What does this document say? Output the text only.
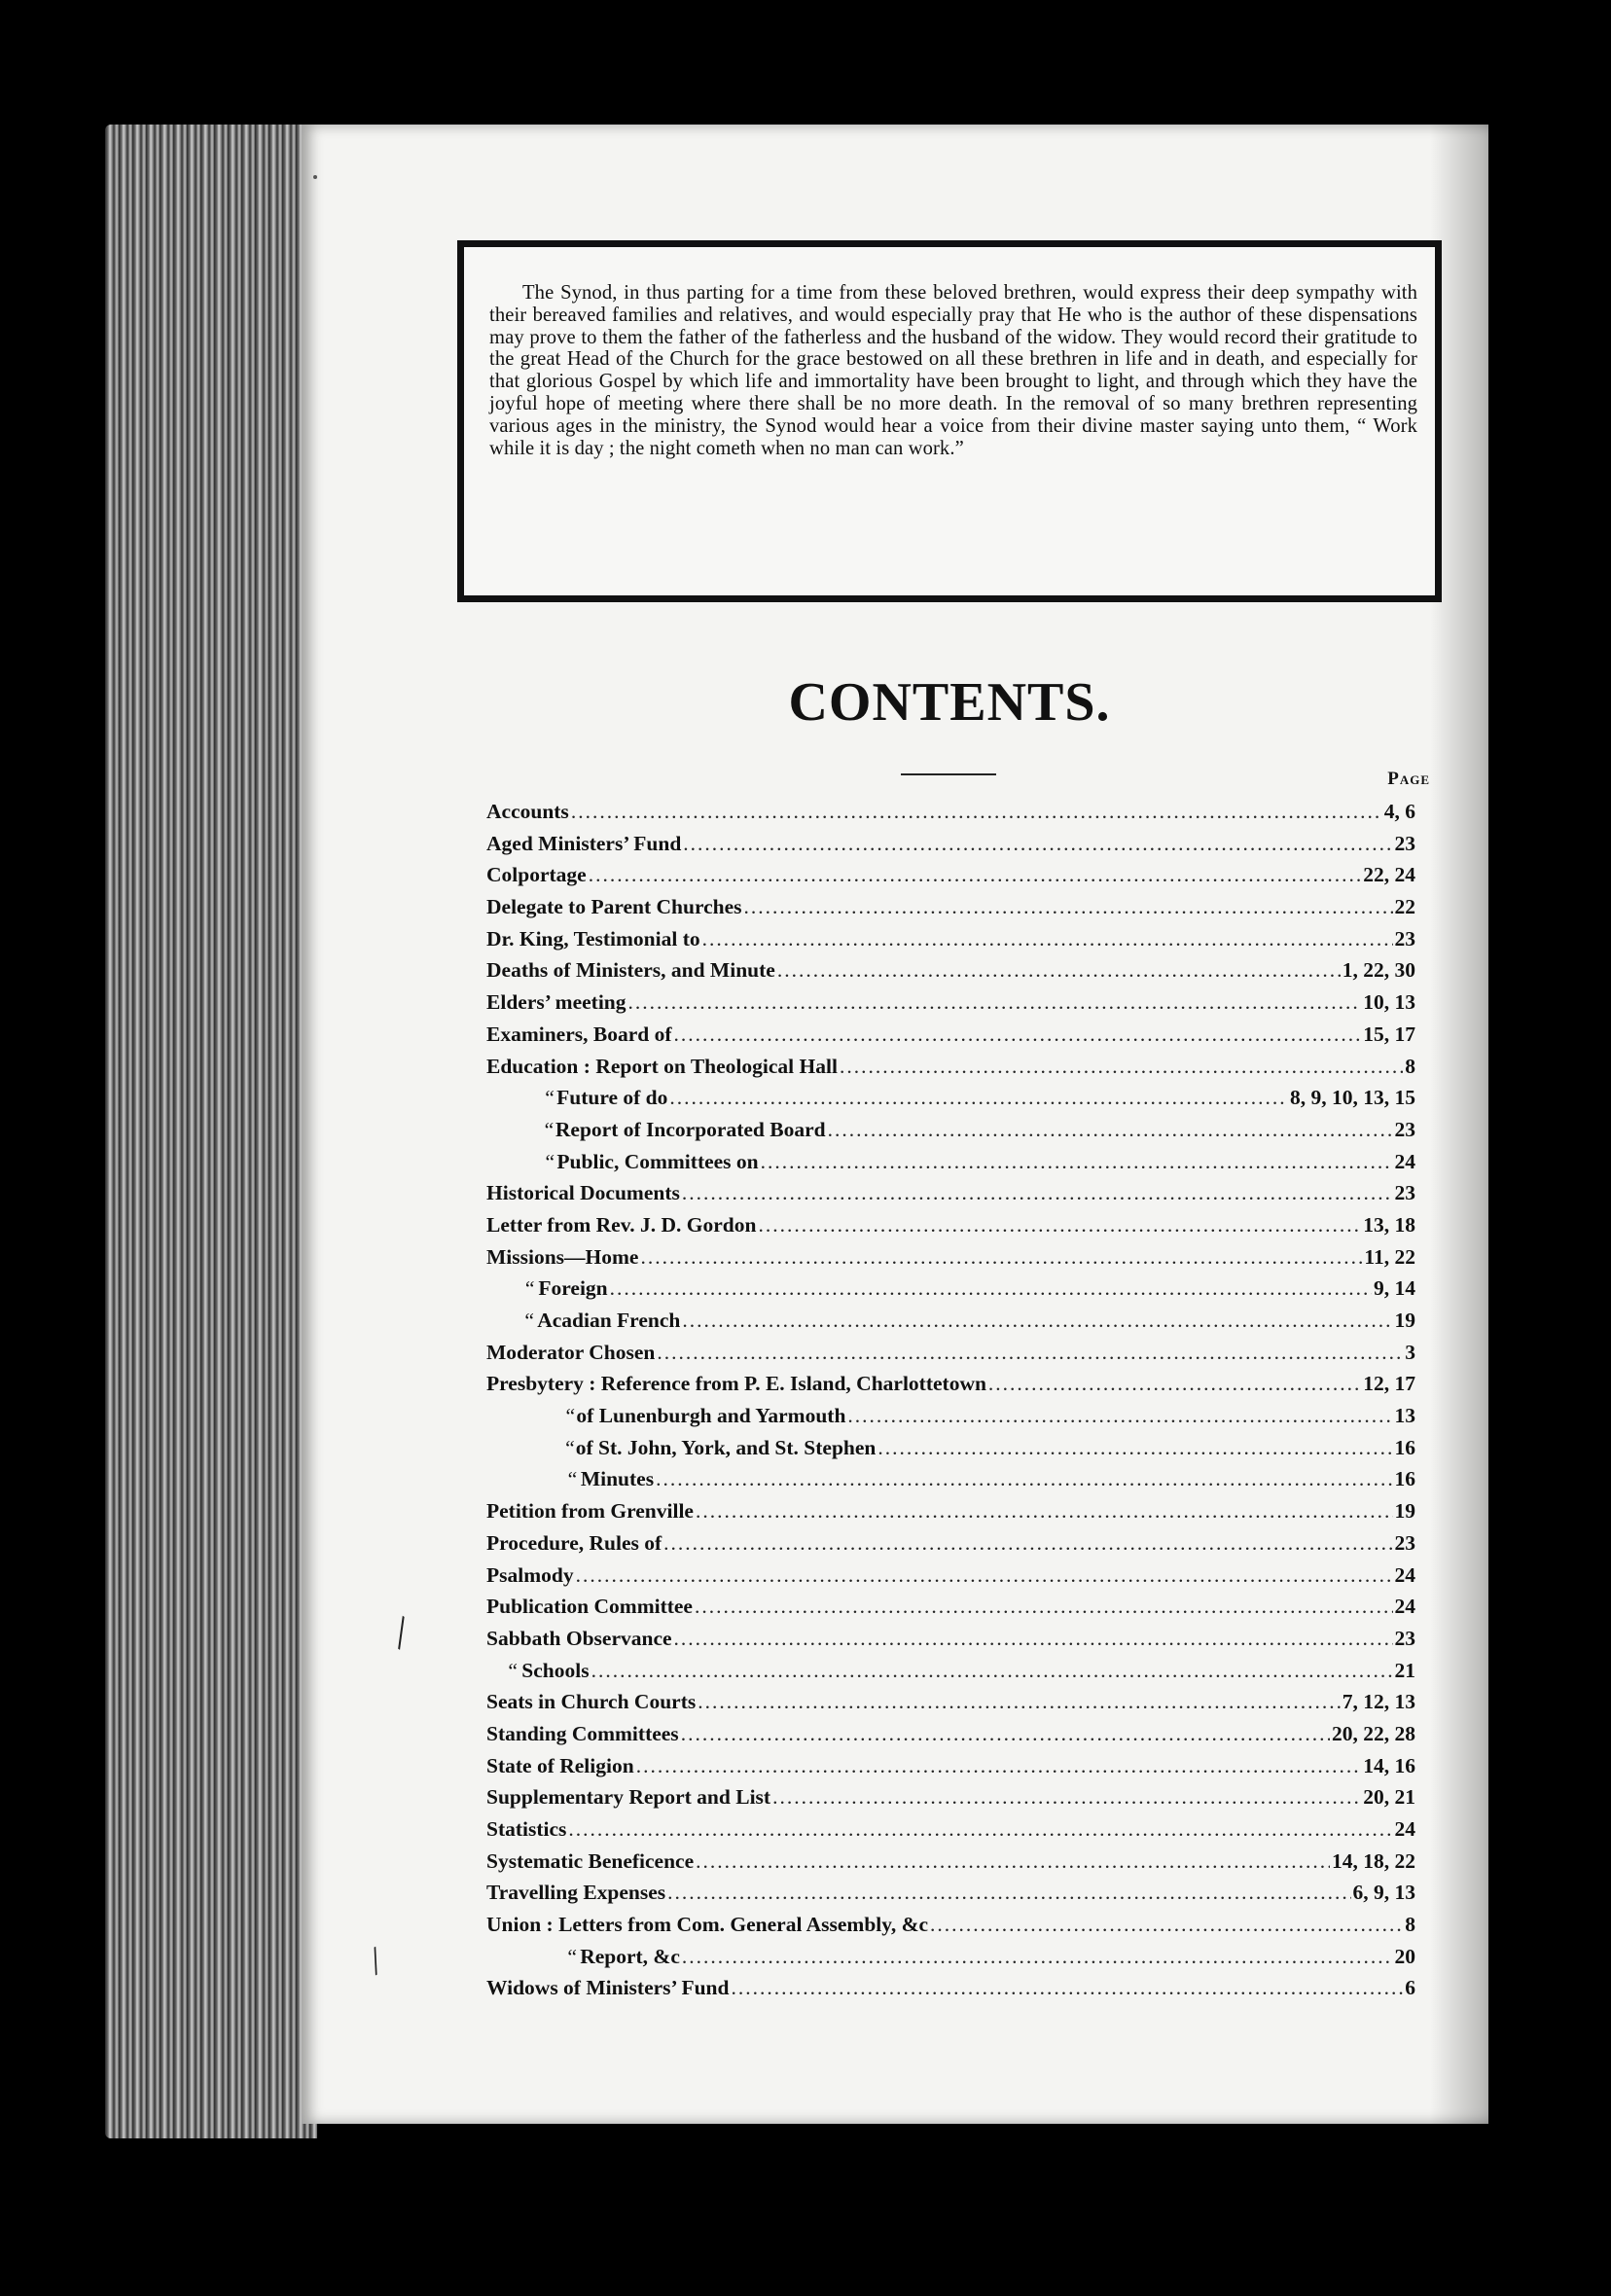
The Synod, in thus parting for a time from these beloved brethren, would express their deep sympathy with their bereaved families and relatives, and would especially pray that He who is the author of these dispensations may prove to them the father of the fatherless and the husband of the widow. They would record their gratitude to the great Head of the Church for the grace bestowed on all these brethren in life and in death, and especially for that glorious Gospel by which life and immortality have been brought to light, and through which they have the joyful hope of meeting where there shall be no more death. In the removal of so many brethren representing various ages in the ministry, the Synod would hear a voice from their divine master saying unto them, “ Work while it is day ; the night cometh when no man can work.”

CONTENTS.
Page
Accounts .....	4, 6
Aged Ministers’ Fund .....	23
Colportage .....	22, 24
Delegate to Parent Churches .....	22
Dr. King, Testimonial to .....	23
Deaths of Ministers, and Minute .....	1, 22, 30
Elders’ meeting .....	10, 13
Examiners, Board of .....	15, 17
Education : Report on Theological Hall .....	8
“ Future of do .....	8, 9, 10, 13, 15
“ Report of Incorporated Board .....	23
“ Public, Committees on .....	24
Historical Documents .....	23
Letter from Rev. J. D. Gordon .....	13, 18
Missions—Home .....	11, 22
“ Foreign .....	9, 14
“ Acadian French .....	19
Moderator Chosen .....	3
Presbytery : Reference from P. E. Island, Charlottetown .....	12, 17
“ of Lunenburgh and Yarmouth .....	13
“ of St. John, York, and St. Stephen .....	16
“ Minutes .....	16
Petition from Grenville .....	19
Procedure, Rules of .....	23
Psalmody .....	24
Publication Committee .....	24
Sabbath Observance .....	23
“ Schools .....	21
Seats in Church Courts .....	7, 12, 13
Standing Committees .....	20, 22, 28
State of Religion .....	14, 16
Supplementary Report and List .....	20, 21
Statistics .....	24
Systematic Beneficence .....	14, 18, 22
Travelling Expenses .....	6, 9, 13
Union : Letters from Com. General Assembly, &c .....	8
“ Report, &c .....	20
Widows of Ministers’ Fund .....	6
╲
╱
